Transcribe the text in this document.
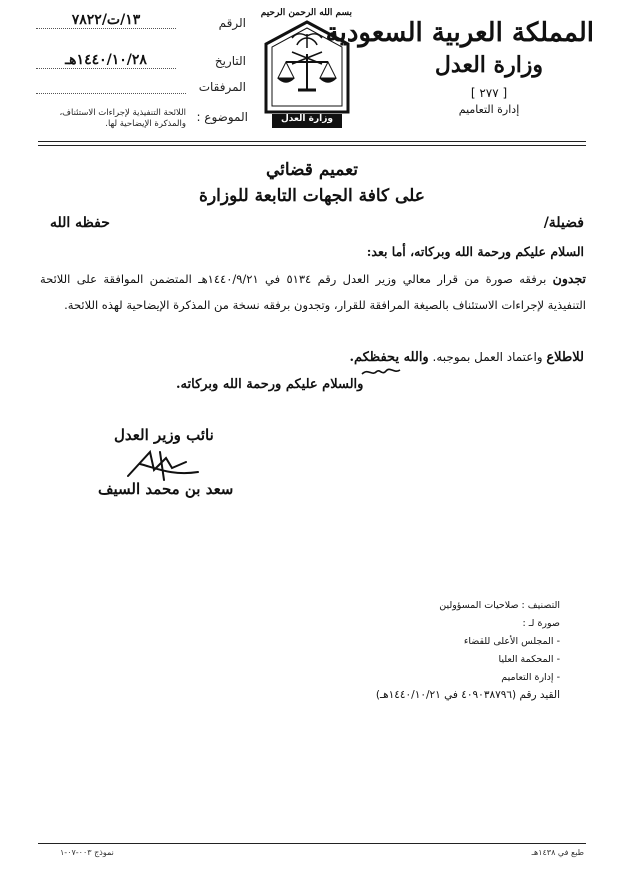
المملكة العربية السعودية
وزارة العدل
[ ٢٧٧ ]
إدارة التعاميم
بسم الله الرحمن الرحيم
وزارة العدل
الرقم
١٣/ت/٧٨٢٢
التاريخ
١٤٤٠/١٠/٢٨هـ
المرفقات
الموضوع :
اللائحة التنفيذية لإجراءات الاستئناف، والمذكرة الإيضاحية لها.
تعميم قضائي
على كافة الجهات التابعة للوزارة
فضيلة/
حفظه الله
السلام عليكم ورحمة الله وبركاته، أما بعد:
تجدون برفقه صورة من قرار معالي وزير العدل رقم ٥١٣٤ في ١٤٤٠/٩/٢١هـ المتضمن الموافقة على اللائحة التنفيذية لإجراءات الاستئناف بالصيغة المرافقة للقرار، وتجدون برفقه نسخة من المذكرة الإيضاحية لهذه اللائحة.
للاطلاع واعتماد العمل بموجبه. والله يحفظكم.
والسلام عليكم ورحمة الله وبركاته.
نائب وزير العدل
سعد بن محمد السيف
التصنيف : صلاحيات المسؤولين
صورة لـ :
- المجلس الأعلى للقضاء
- المحكمة العليا
- إدارة التعاميم
القيد رقم (٤٠٩٠٣٨٧٩٦ في ١٤٤٠/١٠/٢١هـ)
طبع في ١٤٣٨هـ
نموذج ٠٠٣-٠٧-١
